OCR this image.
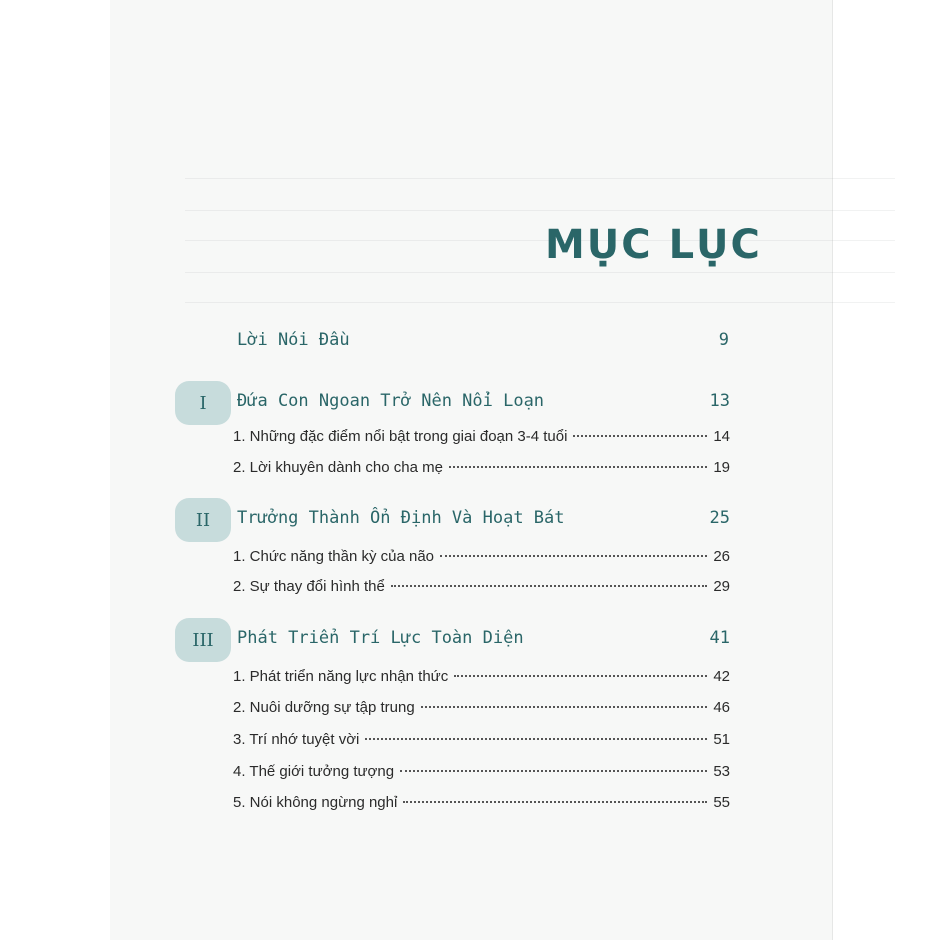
MỤC LỤC
Lời Nói Đầu	9
I	Đứa Con Ngoan Trở Nên Nổi Loạn	13
1. Những đặc điểm nổi bật trong giai đoạn 3-4 tuổi	14
2. Lời khuyên dành cho cha mẹ	19
II	Trưởng Thành Ổn Định Và Hoạt Bát	25
1. Chức năng thần kỳ của não	26
2. Sự thay đổi hình thể	29
III	Phát Triển Trí Lực Toàn Diện	41
1. Phát triển năng lực nhận thức	42
2. Nuôi dưỡng sự tập trung	46
3. Trí nhớ tuyệt vời	51
4. Thế giới tưởng tượng	53
5. Nói không ngừng nghỉ	55
